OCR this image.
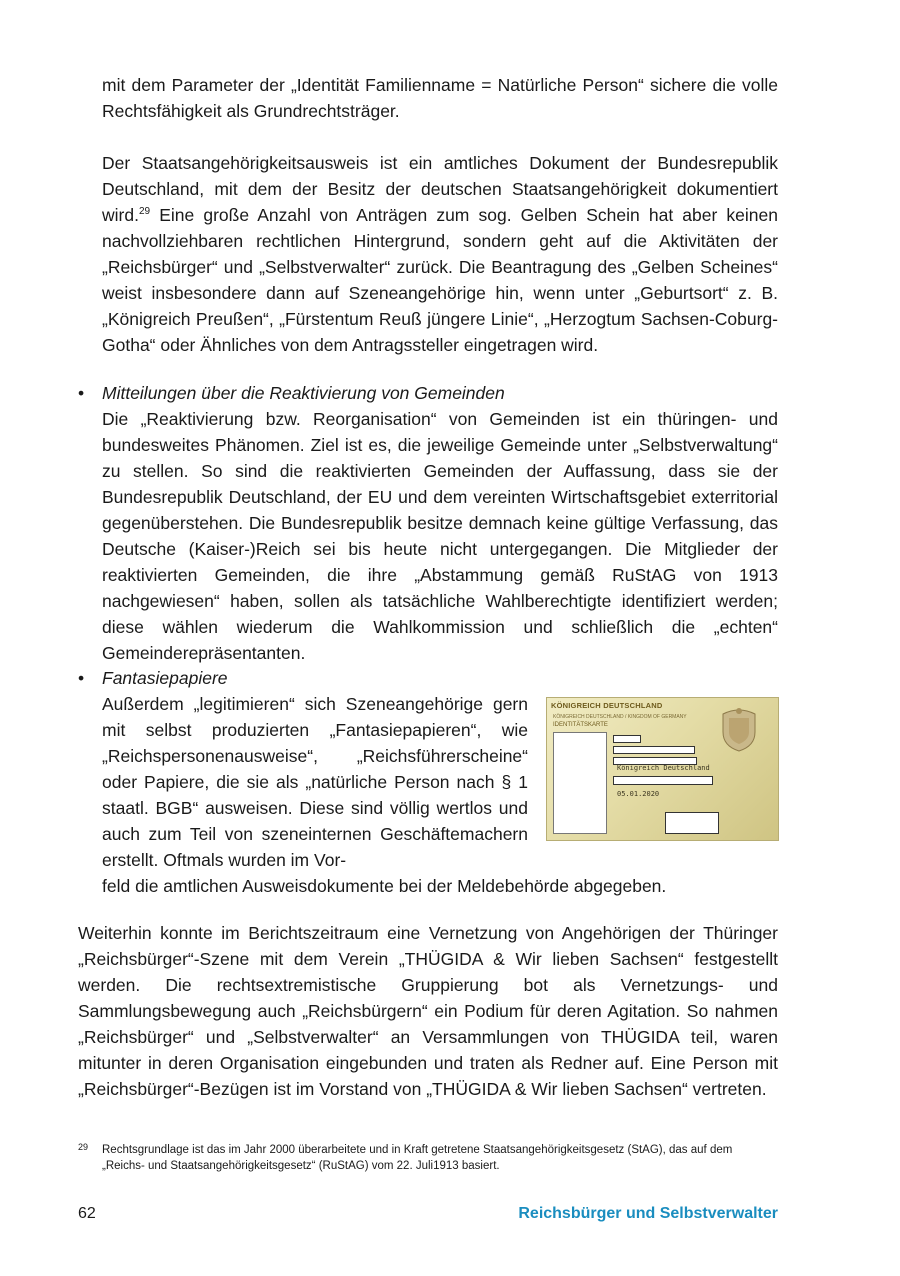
mit dem Parameter der „Identität Familienname = Natürliche Person“ sichere die volle Rechtsfähigkeit als Grundrechtsträger.

Der Staatsangehörigkeitsausweis ist ein amtliches Dokument der Bundesrepublik Deutschland, mit dem der Besitz der deutschen Staatsangehörigkeit dokumentiert wird.$^{29}$ Eine große Anzahl von Anträgen zum sog. Gelben Schein hat aber keinen nachvollziehbaren rechtlichen Hintergrund, sondern geht auf die Aktivitäten der „Reichsbürger“ und „Selbstverwalter“ zurück. Die Beantragung des „Gelben Scheines“ weist insbesondere dann auf Szeneangehörige hin, wenn unter „Geburtsort“ z. B. „Königreich Preußen“, „Fürstentum Reuß jüngere Linie“, „Herzogtum Sachsen-Coburg-Gotha“ oder Ähnliches von dem Antragssteller eingetragen wird.

• Mitteilungen über die Reaktivierung von Gemeinden

Die „Reaktivierung bzw. Reorganisation“ von Gemeinden ist ein thüringen- und bundesweites Phänomen. Ziel ist es, die jeweilige Gemeinde unter „Selbstverwaltung“ zu stellen. So sind die reaktivierten Gemeinden der Auffassung, dass sie der Bundesrepublik Deutschland, der EU und dem vereinten Wirtschaftsgebiet exterritorial gegenüberstehen. Die Bundesrepublik besitze demnach keine gültige Verfassung, das Deutsche (Kaiser-)Reich sei bis heute nicht untergegangen. Die Mitglieder der reaktivierten Gemeinden, die ihre „Abstammung gemäß RuStAG von 1913 nachgewiesen“ haben, sollen als tatsächliche Wahlberechtigte identifiziert werden; diese wählen wiederum die Wahlkommission und schließlich die „echten“ Gemeinderepräsentanten.

• Fantasiepapiere

Außerdem „legitimieren“ sich Szeneangehörige gern mit selbst produzierten „Fantasiepapieren“, wie „Reichspersonenausweise“, „Reichsführerscheine“ oder Papiere, die sie als „natürliche Person nach § 1 staatl. BGB“ ausweisen. Diese sind völlig wertlos und auch zum Teil von szeneinternen Geschäftemachern erstellt. Oftmals wurden im Vor-

feld die amtlichen Ausweisdokumente bei der Meldebehörde abgegeben.

KÖNIGREICH DEUTSCHLAND
KÖNIGREICH DEUTSCHLAND / KINGDOM OF GERMANY
IDENTITÄTSKARTE

Königreich Deutschland
05.01.2020

Weiterhin konnte im Berichtszeitraum eine Vernetzung von Angehörigen der Thüringer „Reichsbürger“-Szene mit dem Verein „THÜGIDA & Wir lieben Sachsen“ festgestellt werden. Die rechtsextremistische Gruppierung bot als Vernetzungs- und Sammlungsbewegung auch „Reichsbürgern“ ein Podium für deren Agitation. So nahmen „Reichsbürger“ und „Selbstverwalter“ an Versammlungen von THÜGIDA teil, waren mitunter in deren Organisation eingebunden und traten als Redner auf. Eine Person mit „Reichsbürger“-Bezügen ist im Vorstand von „THÜGIDA & Wir lieben Sachsen“ vertreten.

29 Rechtsgrundlage ist das im Jahr 2000 überarbeitete und in Kraft getretene Staatsangehörigkeitsgesetz (StAG), das auf dem „Reichs- und Staatsangehörigkeitsgesetz“ (RuStAG) vom 22. Juli1913 basiert.

62	Reichsbürger und Selbstverwalter
